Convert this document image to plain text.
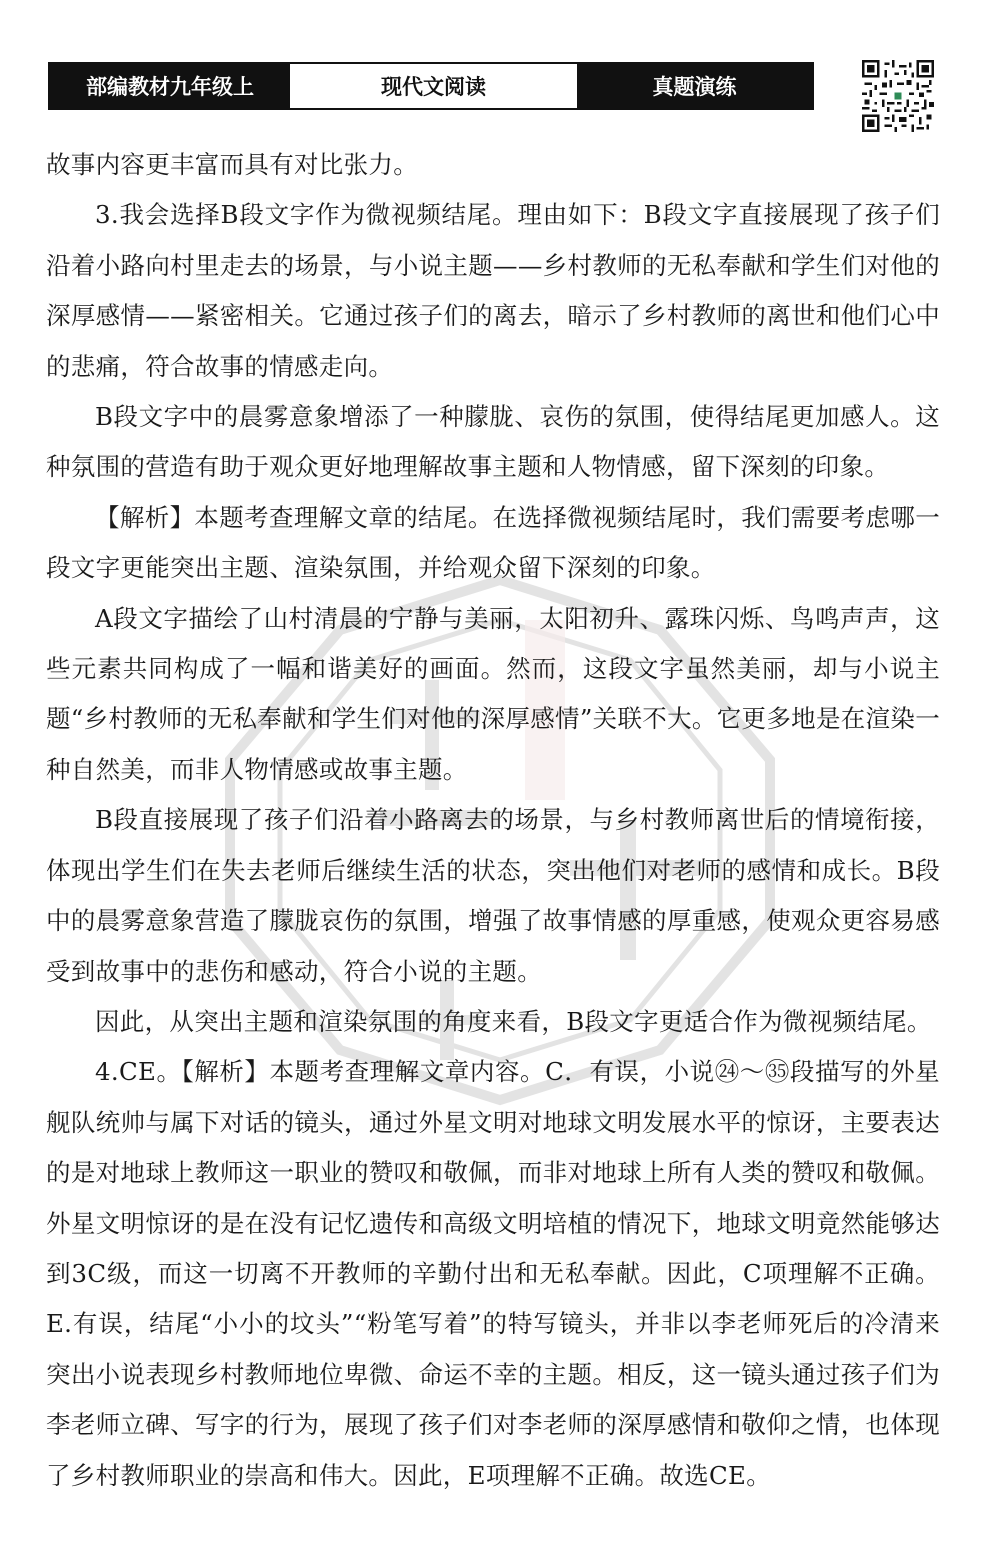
部编教材九年级上	现代文阅读	真题演练

故事内容更丰富而具有对比张力。

3.我会选择B段文字作为微视频结尾。理由如下：B段文字直接展现了孩子们沿着小路向村里走去的场景，与小说主题——乡村教师的无私奉献和学生们对他的深厚感情——紧密相关。它通过孩子们的离去，暗示了乡村教师的离世和他们心中的悲痛，符合故事的情感走向。

B段文字中的晨雾意象增添了一种朦胧、哀伤的氛围，使得结尾更加感人。这种氛围的营造有助于观众更好地理解故事主题和人物情感，留下深刻的印象。

【解析】本题考查理解文章的结尾。在选择微视频结尾时，我们需要考虑哪一段文字更能突出主题、渲染氛围，并给观众留下深刻的印象。

A段文字描绘了山村清晨的宁静与美丽，太阳初升、露珠闪烁、鸟鸣声声，这些元素共同构成了一幅和谐美好的画面。然而，这段文字虽然美丽，却与小说主题“乡村教师的无私奉献和学生们对他的深厚感情”关联不大。它更多地是在渲染一种自然美，而非人物情感或故事主题。

B段直接展现了孩子们沿着小路离去的场景，与乡村教师离世后的情境衔接，体现出学生们在失去老师后继续生活的状态，突出他们对老师的感情和成长。B段中的晨雾意象营造了朦胧哀伤的氛围，增强了故事情感的厚重感，使观众更容易感受到故事中的悲伤和感动，符合小说的主题。

因此，从突出主题和渲染氛围的角度来看，B段文字更适合作为微视频结尾。

4.CE。【解析】本题考查理解文章内容。C．有误，小说㉔～㉟段描写的外星舰队统帅与属下对话的镜头，通过外星文明对地球文明发展水平的惊讶，主要表达的是对地球上教师这一职业的赞叹和敬佩，而非对地球上所有人类的赞叹和敬佩。外星文明惊讶的是在没有记忆遗传和高级文明培植的情况下，地球文明竟然能够达到3C级，而这一切离不开教师的辛勤付出和无私奉献。因此，C项理解不正确。E.有误，结尾“小小的坟头”“粉笔写着”的特写镜头，并非以李老师死后的冷清来突出小说表现乡村教师地位卑微、命运不幸的主题。相反，这一镜头通过孩子们为李老师立碑、写字的行为，展现了孩子们对李老师的深厚感情和敬仰之情，也体现了乡村教师职业的崇高和伟大。因此，E项理解不正确。故选CE。
